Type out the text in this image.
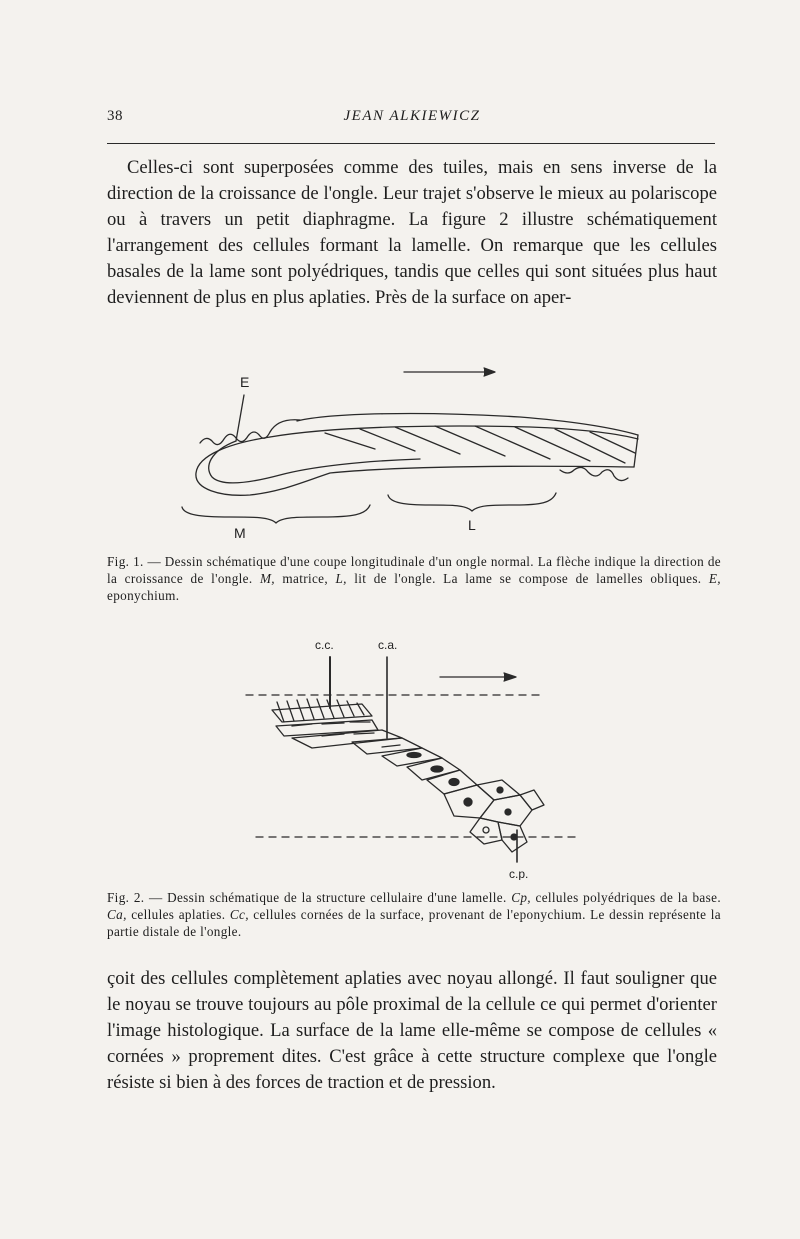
38	JEAN ALKIEWICZ

Celles-ci sont superposées comme des tuiles, mais en sens inverse de la direction de la croissance de l'ongle. Leur trajet s'observe le mieux au polariscope ou à travers un petit diaphragme. La figure 2 illustre schématiquement l'arrangement des cellules formant la lamelle. On remarque que les cellules basales de la lame sont polyédriques, tandis que celles qui sont situées plus haut deviennent de plus en plus aplaties. Près de la surface on aper-

E
M	L

Fig. 1. — Dessin schématique d'une coupe longitudinale d'un ongle normal. La flèche indique la direction de la croissance de l'ongle. M, matrice, L, lit de l'ongle. La lame se compose de lamelles obliques. E, eponychium.

c.c.	c.a.
c.p.

Fig. 2. — Dessin schématique de la structure cellulaire d'une lamelle. Cp, cellules polyédriques de la base. Ca, cellules aplaties. Cc, cellules cornées de la surface, provenant de l'eponychium. Le dessin représente la partie distale de l'ongle.

çoit des cellules complètement aplaties avec noyau allongé. Il faut souligner que le noyau se trouve toujours au pôle proximal de la cellule ce qui permet d'orienter l'image histologique. La surface de la lame elle-même se compose de cellules « cornées » proprement dites. C'est grâce à cette structure complexe que l'ongle résiste si bien à des forces de traction et de pression.
